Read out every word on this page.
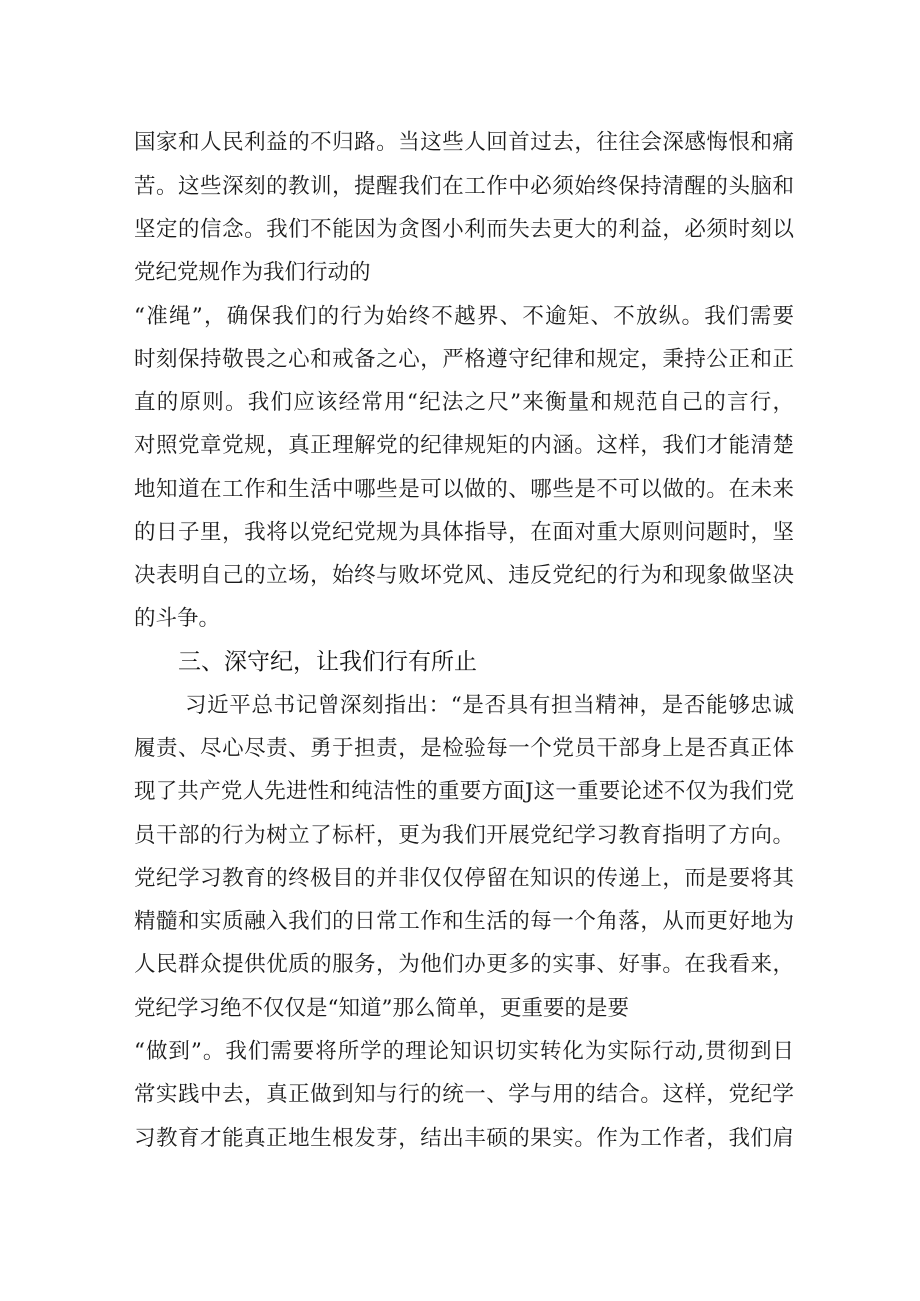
国家和人民利益的不归路。当这些人回首过去，往往会深感悔恨和痛
苦。这些深刻的教训，提醒我们在工作中必须始终保持清醒的头脑和
坚定的信念。我们不能因为贪图小利而失去更大的利益，必须时刻以
党纪党规作为我们行动的
“准绳”，确保我们的行为始终不越界、不逾矩、不放纵。我们需要
时刻保持敬畏之心和戒备之心，严格遵守纪律和规定，秉持公正和正
直的原则。我们应该经常用“纪法之尺”来衡量和规范自己的言行，
对照党章党规，真正理解党的纪律规矩的内涵。这样，我们才能清楚
地知道在工作和生活中哪些是可以做的、哪些是不可以做的。在未来
的日子里，我将以党纪党规为具体指导，在面对重大原则问题时，坚
决表明自己的立场，始终与败坏党风、违反党纪的行为和现象做坚决
的斗争。
三、深守纪，让我们行有所止
习近平总书记曾深刻指出：“是否具有担当精神，是否能够忠诚
履责、尽心尽责、勇于担责，是检验每一个党员干部身上是否真正体
现了共产党人先进性和纯洁性的重要方面J这一重要论述不仅为我们党
员干部的行为树立了标杆，更为我们开展党纪学习教育指明了方向。
党纪学习教育的终极目的并非仅仅停留在知识的传递上，而是要将其
精髓和实质融入我们的日常工作和生活的每一个角落，从而更好地为
人民群众提供优质的服务，为他们办更多的实事、好事。在我看来，
党纪学习绝不仅仅是“知道”那么简单，更重要的是要
“做到”。我们需要将所学的理论知识切实转化为实际行动,贯彻到日
常实践中去，真正做到知与行的统一、学与用的结合。这样，党纪学
习教育才能真正地生根发芽，结出丰硕的果实。作为工作者，我们肩
